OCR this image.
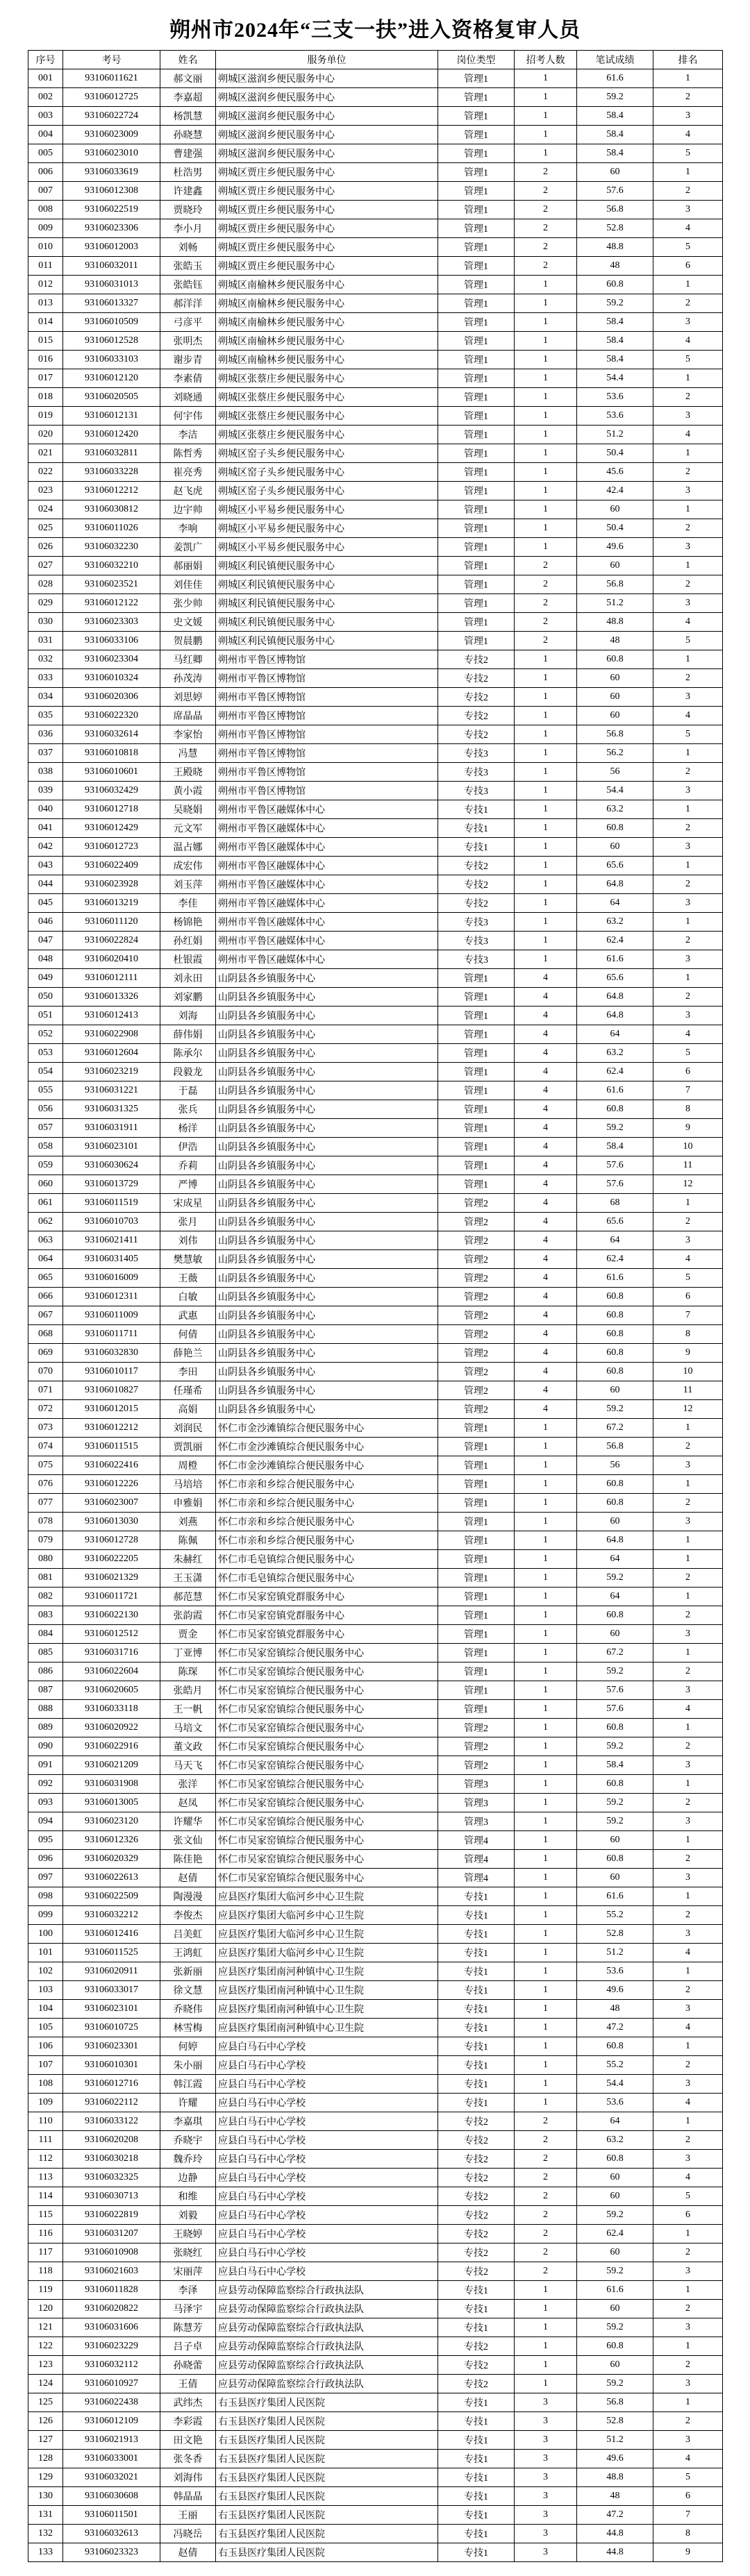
朔州市2024年“三支一扶”进入资格复审人员
序号	考号	姓名	服务单位	岗位类型	招考人数	笔试成绩	排名
001	93106011621	郝文丽	朔城区滋润乡便民服务中心	管理1	1	61.6	1
002	93106012725	李嘉超	朔城区滋润乡便民服务中心	管理1	1	59.2	2
003	93106022724	杨凯慧	朔城区滋润乡便民服务中心	管理1	1	58.4	3
004	93106023009	孙晓慧	朔城区滋润乡便民服务中心	管理1	1	58.4	4
005	93106023010	曹建强	朔城区滋润乡便民服务中心	管理1	1	58.4	5
006	93106033619	杜浩男	朔城区贾庄乡便民服务中心	管理1	2	60	1
007	93106012308	许建鑫	朔城区贾庄乡便民服务中心	管理1	2	57.6	2
008	93106022519	贾晓玲	朔城区贾庄乡便民服务中心	管理1	2	56.8	3
009	93106023306	李小月	朔城区贾庄乡便民服务中心	管理1	2	52.8	4
010	93106012003	刘畅	朔城区贾庄乡便民服务中心	管理1	2	48.8	5
011	93106032011	张皓玉	朔城区贾庄乡便民服务中心	管理1	2	48	6
012	93106031013	张皓钰	朔城区南榆林乡便民服务中心	管理1	1	60.8	1
013	93106013327	郝洋洋	朔城区南榆林乡便民服务中心	管理1	1	59.2	2
014	93106010509	弓彦平	朔城区南榆林乡便民服务中心	管理1	1	58.4	3
015	93106012528	张明杰	朔城区南榆林乡便民服务中心	管理1	1	58.4	4
016	93106033103	谢步青	朔城区南榆林乡便民服务中心	管理1	1	58.4	5
017	93106012120	李素倩	朔城区张蔡庄乡便民服务中心	管理1	1	54.4	1
018	93106020505	刘晓通	朔城区张蔡庄乡便民服务中心	管理1	1	53.6	2
019	93106012131	何宇伟	朔城区张蔡庄乡便民服务中心	管理1	1	53.6	3
020	93106012420	李洁	朔城区张蔡庄乡便民服务中心	管理1	1	51.2	4
021	93106032811	陈哲秀	朔城区窑子头乡便民服务中心	管理1	1	50.4	1
022	93106033228	崔亮秀	朔城区窑子头乡便民服务中心	管理1	1	45.6	2
023	93106012212	赵飞虎	朔城区窑子头乡便民服务中心	管理1	1	42.4	3
024	93106030812	边宇帅	朔城区小平易乡便民服务中心	管理1	1	60	1
025	93106011026	李响	朔城区小平易乡便民服务中心	管理1	1	50.4	2
026	93106032230	姜凯广	朔城区小平易乡便民服务中心	管理1	1	49.6	3
027	93106032210	郝丽娟	朔城区利民镇便民服务中心	管理1	2	60	1
028	93106023521	刘佳佳	朔城区利民镇便民服务中心	管理1	2	56.8	2
029	93106012122	张少帅	朔城区利民镇便民服务中心	管理1	2	51.2	3
030	93106023303	史文媛	朔城区利民镇便民服务中心	管理1	2	48.8	4
031	93106033106	贺晨鹏	朔城区利民镇便民服务中心	管理1	2	48	5
032	93106023304	马红卿	朔州市平鲁区博物馆	专技2	1	60.8	1
033	93106010324	孙茂涛	朔州市平鲁区博物馆	专技2	1	60	2
034	93106020306	刘思婷	朔州市平鲁区博物馆	专技2	1	60	3
035	93106022320	席晶晶	朔州市平鲁区博物馆	专技2	1	60	4
036	93106032614	李家怡	朔州市平鲁区博物馆	专技2	1	56.8	5
037	93106010818	冯慧	朔州市平鲁区博物馆	专技3	1	56.2	1
038	93106010601	王殿晓	朔州市平鲁区博物馆	专技3	1	56	2
039	93106032429	黄小霞	朔州市平鲁区博物馆	专技3	1	54.4	3
040	93106012718	吴晓娟	朔州市平鲁区融媒体中心	专技1	1	63.2	1
041	93106012429	元文军	朔州市平鲁区融媒体中心	专技1	1	60.8	2
042	93106012723	温占娜	朔州市平鲁区融媒体中心	专技1	1	60	3
043	93106022409	成宏伟	朔州市平鲁区融媒体中心	专技2	1	65.6	1
044	93106023928	刘玉萍	朔州市平鲁区融媒体中心	专技2	1	64.8	2
045	93106013219	李佳	朔州市平鲁区融媒体中心	专技2	1	64	3
046	93106011120	杨锦艳	朔州市平鲁区融媒体中心	专技3	1	63.2	1
047	93106022824	孙红娟	朔州市平鲁区融媒体中心	专技3	1	62.4	2
048	93106020410	杜银霞	朔州市平鲁区融媒体中心	专技3	1	61.6	3
049	93106012111	刘永田	山阴县各乡镇服务中心	管理1	4	65.6	1
050	93106013326	刘家鹏	山阴县各乡镇服务中心	管理1	4	64.8	2
051	93106012413	刘海	山阴县各乡镇服务中心	管理1	4	64.8	3
052	93106022908	薛伟娟	山阴县各乡镇服务中心	管理1	4	64	4
053	93106012604	陈承尔	山阴县各乡镇服务中心	管理1	4	63.2	5
054	93106023219	段毅龙	山阴县各乡镇服务中心	管理1	4	62.4	6
055	93106031221	于磊	山阴县各乡镇服务中心	管理1	4	61.6	7
056	93106031325	张兵	山阴县各乡镇服务中心	管理1	4	60.8	8
057	93106031911	杨洋	山阴县各乡镇服务中心	管理1	4	59.2	9
058	93106023101	伊浩	山阴县各乡镇服务中心	管理1	4	58.4	10
059	93106030624	乔莉	山阴县各乡镇服务中心	管理1	4	57.6	11
060	93106013729	严博	山阴县各乡镇服务中心	管理1	4	57.6	12
061	93106011519	宋成星	山阴县各乡镇服务中心	管理2	4	68	1
062	93106010703	张月	山阴县各乡镇服务中心	管理2	4	65.6	2
063	93106021411	刘伟	山阴县各乡镇服务中心	管理2	4	64	3
064	93106031405	樊慧敏	山阴县各乡镇服务中心	管理2	4	62.4	4
065	93106016009	王薇	山阴县各乡镇服务中心	管理2	4	61.6	5
066	93106012311	白敏	山阴县各乡镇服务中心	管理2	4	60.8	6
067	93106011009	武惠	山阴县各乡镇服务中心	管理2	4	60.8	7
068	93106011711	何倩	山阴县各乡镇服务中心	管理2	4	60.8	8
069	93106032830	薛艳兰	山阴县各乡镇服务中心	管理2	4	60.8	9
070	93106010117	李田	山阴县各乡镇服务中心	管理2	4	60.8	10
071	93106010827	任瑾希	山阴县各乡镇服务中心	管理2	4	60	11
072	93106012015	高娟	山阴县各乡镇服务中心	管理2	4	59.2	12
073	93106012212	刘润民	怀仁市金沙滩镇综合便民服务中心	管理1	1	67.2	1
074	93106011515	贾凯丽	怀仁市金沙滩镇综合便民服务中心	管理1	1	56.8	2
075	93106022416	周橙	怀仁市金沙滩镇综合便民服务中心	管理1	1	56	3
076	93106012226	马培培	怀仁市亲和乡综合便民服务中心	管理1	1	60.8	1
077	93106023007	申雅娟	怀仁市亲和乡综合便民服务中心	管理1	1	60.8	2
078	93106013030	刘燕	怀仁市亲和乡综合便民服务中心	管理1	1	60	3
079	93106012728	陈佩	怀仁市亲和乡综合便民服务中心	管理1	1	64.8	1
080	93106022205	朱赫红	怀仁市毛皂镇综合便民服务中心	管理1	1	64	1
081	93106021329	王玉潇	怀仁市毛皂镇综合便民服务中心	管理1	1	59.2	2
082	93106011721	郝范慧	怀仁市吴家窑镇党群服务中心	管理1	1	64	1
083	93106022130	张韵霞	怀仁市吴家窑镇党群服务中心	管理1	1	60.8	2
084	93106012512	贾金	怀仁市吴家窑镇党群服务中心	管理1	1	60	3
085	93106031716	丁亚博	怀仁市吴家窑镇综合便民服务中心	管理1	1	67.2	1
086	93106022604	陈琛	怀仁市吴家窑镇综合便民服务中心	管理1	1	59.2	2
087	93106020605	张皓月	怀仁市吴家窑镇综合便民服务中心	管理1	1	57.6	3
088	93106033118	王一帆	怀仁市吴家窑镇综合便民服务中心	管理1	1	57.6	4
089	93106020922	马培文	怀仁市吴家窑镇综合便民服务中心	管理2	1	60.8	1
090	93106022916	董文政	怀仁市吴家窑镇综合便民服务中心	管理2	1	59.2	2
091	93106021209	马天飞	怀仁市吴家窑镇综合便民服务中心	管理2	1	58.4	3
092	93106031908	张洋	怀仁市吴家窑镇综合便民服务中心	管理3	1	60.8	1
093	93106013005	赵凤	怀仁市吴家窑镇综合便民服务中心	管理3	1	59.2	2
094	93106023120	许耀华	怀仁市吴家窑镇综合便民服务中心	管理3	1	59.2	3
095	93106012326	张文仙	怀仁市吴家窑镇综合便民服务中心	管理4	1	60	1
096	93106020329	陈佳艳	怀仁市吴家窑镇综合便民服务中心	管理4	1	60.8	2
097	93106022613	赵倩	怀仁市吴家窑镇综合便民服务中心	管理4	1	60	3
098	93106022509	陶漫漫	应县医疗集团大临河乡中心卫生院	专技1	1	61.6	1
099	93106032212	李俊杰	应县医疗集团大临河乡中心卫生院	专技1	1	55.2	2
100	93106012416	吕美虹	应县医疗集团大临河乡中心卫生院	专技1	1	52.8	3
101	93106011525	王鸿虹	应县医疗集团大临河乡中心卫生院	专技1	1	51.2	4
102	93106020911	张新丽	应县医疗集团南河种镇中心卫生院	专技1	1	53.6	1
103	93106033017	徐文慧	应县医疗集团南河种镇中心卫生院	专技1	1	49.6	2
104	93106023101	乔晓伟	应县医疗集团南河种镇中心卫生院	专技1	1	48	3
105	93106010725	林雪梅	应县医疗集团南河种镇中心卫生院	专技1	1	47.2	4
106	93106023301	何婷	应县白马石中心学校	专技1	1	60.8	1
107	93106010301	朱小丽	应县白马石中心学校	专技1	1	55.2	2
108	93106012716	韩江霞	应县白马石中心学校	专技1	1	54.4	3
109	93106022112	许耀	应县白马石中心学校	专技1	1	53.6	4
110	93106033122	李嘉琪	应县白马石中心学校	专技2	2	64	1
111	93106020208	乔晓宇	应县白马石中心学校	专技2	2	63.2	2
112	93106030218	魏乔玲	应县白马石中心学校	专技2	2	60.8	3
113	93106032325	边静	应县白马石中心学校	专技2	2	60	4
114	93106030713	和维	应县白马石中心学校	专技2	2	60	5
115	93106022819	刘毅	应县白马石中心学校	专技2	2	59.2	6
116	93106031207	王晓婷	应县白马石中心学校	专技2	2	62.4	1
117	93106010908	张晓红	应县白马石中心学校	专技2	2	60	2
118	93106021603	宋丽萍	应县白马石中心学校	专技2	2	59.2	3
119	93106011828	李泽	应县劳动保障监察综合行政执法队	专技1	1	61.6	1
120	93106020822	马泽宇	应县劳动保障监察综合行政执法队	专技1	1	60	2
121	93106031606	陈慧芳	应县劳动保障监察综合行政执法队	专技1	1	59.2	3
122	93106023229	吕子卓	应县劳动保障监察综合行政执法队	专技2	1	60.8	1
123	93106032112	孙晓蕾	应县劳动保障监察综合行政执法队	专技2	1	60	2
124	93106010927	王倩	应县劳动保障监察综合行政执法队	专技2	1	59.2	3
125	93106022438	武纬杰	右玉县医疗集团人民医院	专技1	3	56.8	1
126	93106012109	李彩霞	右玉县医疗集团人民医院	专技1	3	52.8	2
127	93106021913	田文艳	右玉县医疗集团人民医院	专技1	3	51.2	3
128	93106033001	张冬香	右玉县医疗集团人民医院	专技1	3	49.6	4
129	93106032021	刘海伟	右玉县医疗集团人民医院	专技1	3	48.8	5
130	93106030608	韩晶晶	右玉县医疗集团人民医院	专技1	3	48	6
131	93106011501	王丽	右玉县医疗集团人民医院	专技1	3	47.2	7
132	93106032613	冯晓岳	右玉县医疗集团人民医院	专技1	3	44.8	8
133	93106023323	赵倩	右玉县医疗集团人民医院	专技1	3	44.8	9
